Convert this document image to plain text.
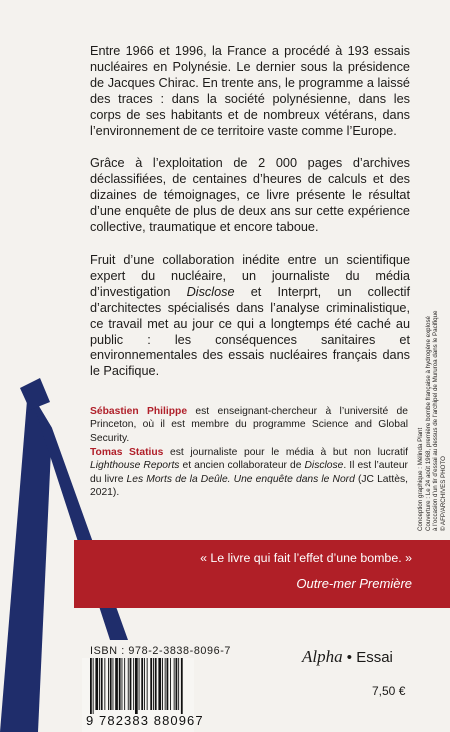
Entre 1966 et 1996, la France a procédé à 193 essais nucléaires en Polynésie. Le dernier sous la présidence de Jacques Chirac. En trente ans, le programme a laissé des traces : dans la société polynésienne, dans les corps de ses habitants et de nombreux vétérans, dans l’environnement de ce territoire vaste comme l’Europe.

Grâce à l’exploitation de 2 000 pages d’archives déclassifiées, de centaines d’heures de calculs et des dizaines de témoignages, ce livre présente le résultat d’une enquête de plus de deux ans sur cette expérience collective, traumatique et encore taboue.

Fruit d’une collaboration inédite entre un scientifique expert du nucléaire, un journaliste du média d’investigation Disclose et Interprt, un collectif d’architectes spécialisés dans l’analyse criminalistique, ce travail met au jour ce qui a longtemps été caché au public : les conséquences sanitaires et environnementales des essais nucléaires français dans le Pacifique.

Sébastien Philippe est enseignant-chercheur à l’université de Princeton, où il est membre du programme Science and Global Security.
Tomas Statius est journaliste pour le média à but non lucratif Lighthouse Reports et ancien collaborateur de Disclose. Il est l’auteur du livre Les Morts de la Deûle. Une enquête dans le Nord (JC Lattès, 2021).	Conception graphique : Mélinda Plant Couverture : Le 24 août 1968, première bombe française à hydrogène explosé à l’occasion d’un tir d’essai au dessus de l’archipel de Mururoa dans le Pacifique © AFP/ARCHIVES PHOTO
« Le livre qui fait l’effet d’une bombe. »
Outre-mer Première
ISBN : 978-2-3838-8096-7
9 782383 880967
Alpha • Essai
7,50 €
